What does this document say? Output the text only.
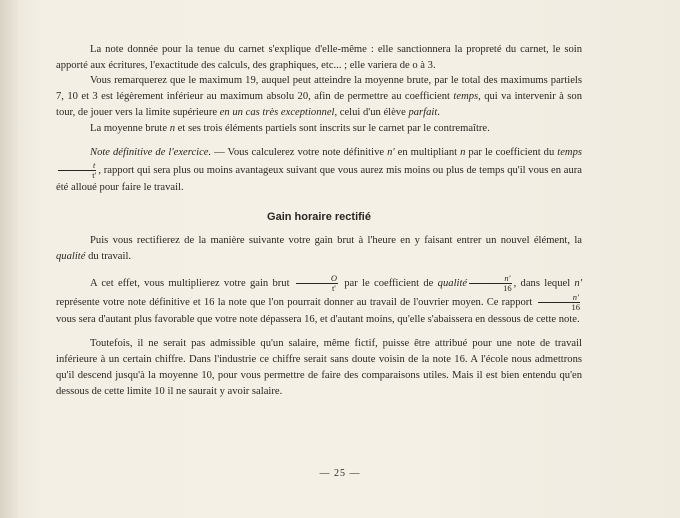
La note donnée pour la tenue du carnet s'explique d'elle-même : elle sanctionnera la propreté du carnet, le soin apporté aux écritures, l'exactitude des calculs, des graphiques, etc... ; elle variera de o à 3.

Vous remarquerez que le maximum 19, auquel peut atteindre la moyenne brute, par le total des maximums partiels 7, 10 et 3 est légèrement inférieur au maximum absolu 20, afin de permettre au coefficient temps, qui va intervenir à son tour, de jouer vers la limite supérieure en un cas très exceptionnel, celui d'un élève parfait.

La moyenne brute n et ses trois éléments partiels sont inscrits sur le carnet par le contremaître.

Note définitive de l'exercice. — Vous calculerez votre note définitive n' en multipliant n par le coefficient du temps
$\frac{t}{t'}$ , rapport qui sera plus ou moins avantageux suivant que vous aurez mis moins ou plus de temps qu'il vous en aura été alloué pour faire le travail.

Gain horaire rectifié

Puis vous rectifierez de la manière suivante votre gain brut à l'heure en y faisant entrer un nouvel élément, la qualité du travail.

A cet effet, vous multiplierez votre gain brut $\frac{O}{t'}$ par le coefficient de qualité $\frac{n'}{16}$ , dans lequel n' représente votre note définitive et 16 la note que l'on pourrait donner au travail de l'ouvrier moyen. Ce rapport $\frac{n'}{16}$
vous sera d'autant plus favorable que votre note dépassera 16, et d'autant moins, qu'elle s'abaissera en dessous de cette note.

Toutefois, il ne serait pas admissible qu'un salaire, même fictif, puisse être attribué pour une note de travail inférieure à un certain chiffre. Dans l'industrie ce chiffre serait sans doute voisin de la note 16. A l'école nous admettrons qu'il descend jusqu'à la moyenne 10, pour vous permettre de faire des comparaisons utiles. Mais il est bien entendu qu'en dessous de cette limite 10 il ne saurait y avoir salaire.

— 25 —
